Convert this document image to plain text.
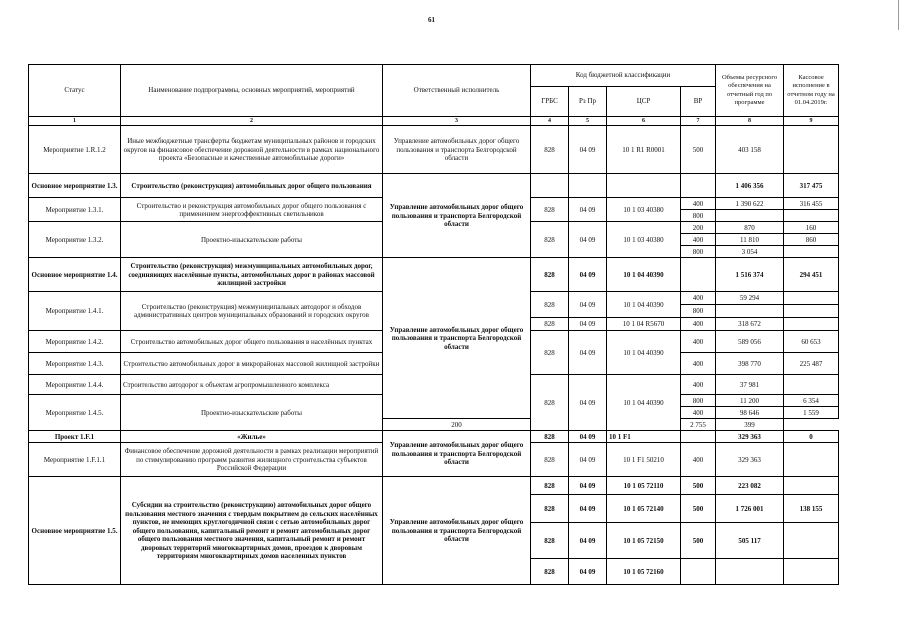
61
Статус	Наименование подпрограммы, основных мероприятий, мероприятий	Ответственный исполнитель	Код бюджетной классификации				Объемы ресурсного обеспечения на отчетный год по программе	Кассовое исполнение в отчетном году на 01.04.2019г.
			ГРБС	Рз Пр	ЦСР	ВР		
1	2	3	4	5	6	7	8	9
Мероприятие 1.R.1.2	Иные межбюджетные трансферты бюджетам муниципальных районов и городских округов на финансовое обеспечение дорожной деятельности в рамках национального проекта «Безопасные и качественные автомобильные дороги»	Управление автомобильных дорог общего пользования и транспорта Белгородской области	828	04 09	10 1 R1 R0001	500	403 158	
Основное мероприятие 1.3.	Строительство (реконструкция) автомобильных дорог общего пользования	Управление автомобильных дорог общего пользования и транспорта Белгородской области					1 406 356	317 475
Мероприятие 1.3.1.	Строительство и реконструкция автомобильных дорог общего пользования с применением энергоэффективных светильников		828	04 09	10 1 03 40380	400	1 390 622	316 455
						800		
Мероприятие 1.3.2.	Проектно-изыскательские работы		828	04 09	10 1 03 40380	200	870	160
						400	11 810	860
						800	3 054	
Основное мероприятие 1.4.	Строительство (реконструкция) межмуниципальных автомобильных дорог, соединяющих населённые пункты, автомобильных дорог в районах массовой жилищной застройки	Управление автомобильных дорог общего пользования и транспорта Белгородской области	828	04 09	10 1 04 40390		1 516 374	294 451
Мероприятие 1.4.1.	Строительство (реконструкция) межмуниципальных автодорог и обходов административных центров муниципальных образований и городских округов		828	04 09	10 1 04 40390	400	59 294	
						800		
			828	04 09	10 1 04 R5670	400	318 672	
Мероприятие 1.4.2.	Строительство автомобильных дорог общего пользования в населённых пунктах		828	04 09	10 1 04 40390	400	589 056	60 653
Мероприятие 1.4.3.	Строительство автомобильных дорог в микрорайонах массовой жилищной застройки					400	398 770	225 487
Мероприятие 1.4.4.	Строительство автодорог к объектам агропромышленного комплекса		828	04 09	10 1 04 40390	400	37 981	
Мероприятие 1.4.5.	Проектно-изыскательские работы					800	11 200	6 354
						400	98 646	1 559
		200				2 755	399	
Проект 1.F.1	«Жилье»	Управление автомобильных дорог общего пользования и транспорта Белгородской области	828	04 09	10 1 F1		329 363	0
Мероприятие 1.F.1.1	Финансовое обеспечение дорожной деятельности в рамках реализации мероприятий по стимулированию программ развития жилищного строительства субъектов Российской Федерации		828	04 09	10 1 F1 50210	400	329 363	
Основное мероприятие 1.5.	Субсидии на строительство (реконструкцию) автомобильных дорог общего пользования местного значения с твердым покрытием до сельских населённых пунктов, не имеющих круглогодичной связи с сетью автомобильных дорог общего пользования, капитальный ремонт и ремонт автомобильных дорог общего пользования местного значения, капитальный ремонт и ремонт дворовых территорий многоквартирных домов, проездов к дворовым территориям многоквартирных домов населенных пунктов	Управление автомобильных дорог общего пользования и транспорта Белгородской области	828	04 09	10 1 05 72110	500	223 082	
			828	04 09	10 1 05 72140	500	1 726 001	138 155
			828	04 09	10 1 05 72150	500	505 117	
			828	04 09	10 1 05 72160			
